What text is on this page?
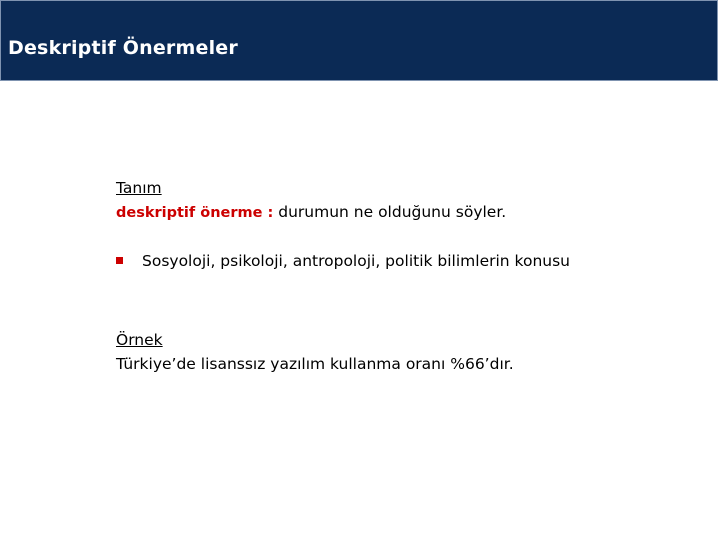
Deskriptif Önermeler
Tanım
deskriptif önerme : durumun ne olduğunu söyler.
Sosyoloji, psikoloji, antropoloji, politik bilimlerin konusu
Örnek
Türkiye’de lisanssız yazılım kullanma oranı %66’dır.
